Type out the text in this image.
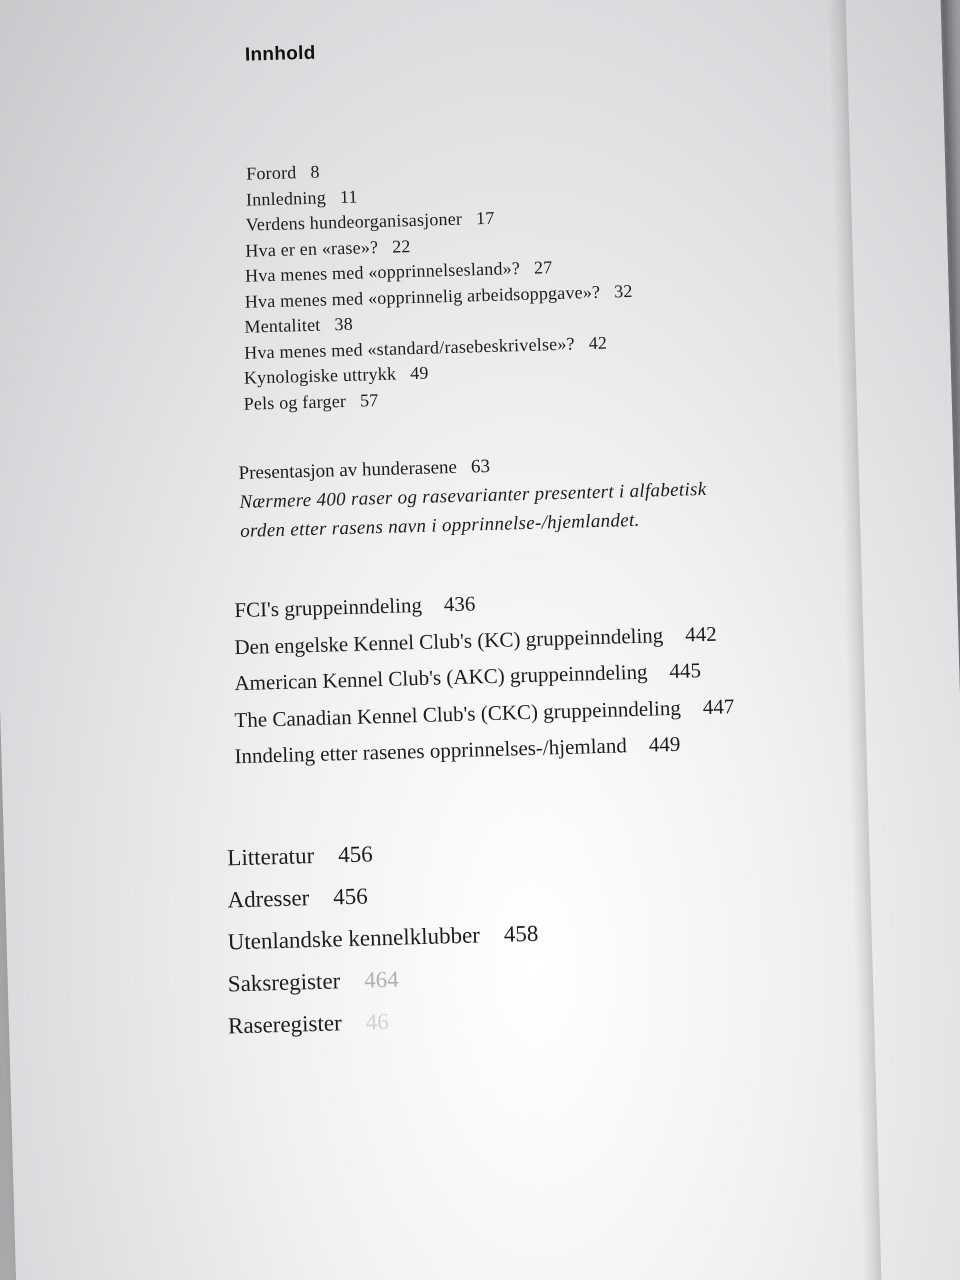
Innhold
Forord 8
Innledning 11
Verdens hundeorganisasjoner 17
Hva er en «rase»? 22
Hva menes med «opprinnelsesland»? 27
Hva menes med «opprinnelig arbeidsoppgave»? 32
Mentalitet 38
Hva menes med «standard/rasebeskrivelse»? 42
Kynologiske uttrykk 49
Pels og farger 57
Presentasjon av hunderasene 63
Nærmere 400 raser og rasevarianter presentert i alfabetisk
orden etter rasens navn i opprinnelse-/hjemlandet.
FCI's gruppeinndeling 436
Den engelske Kennel Club's (KC) gruppeinndeling 442
American Kennel Club's (AKC) gruppeinndeling 445
The Canadian Kennel Club's (CKC) gruppeinndeling 447
Inndeling etter rasenes opprinnelses-/hjemland 449
Litteratur 456
Adresser 456
Utenlandske kennelklubber 458
Saksregister 464
Raseregister 46
